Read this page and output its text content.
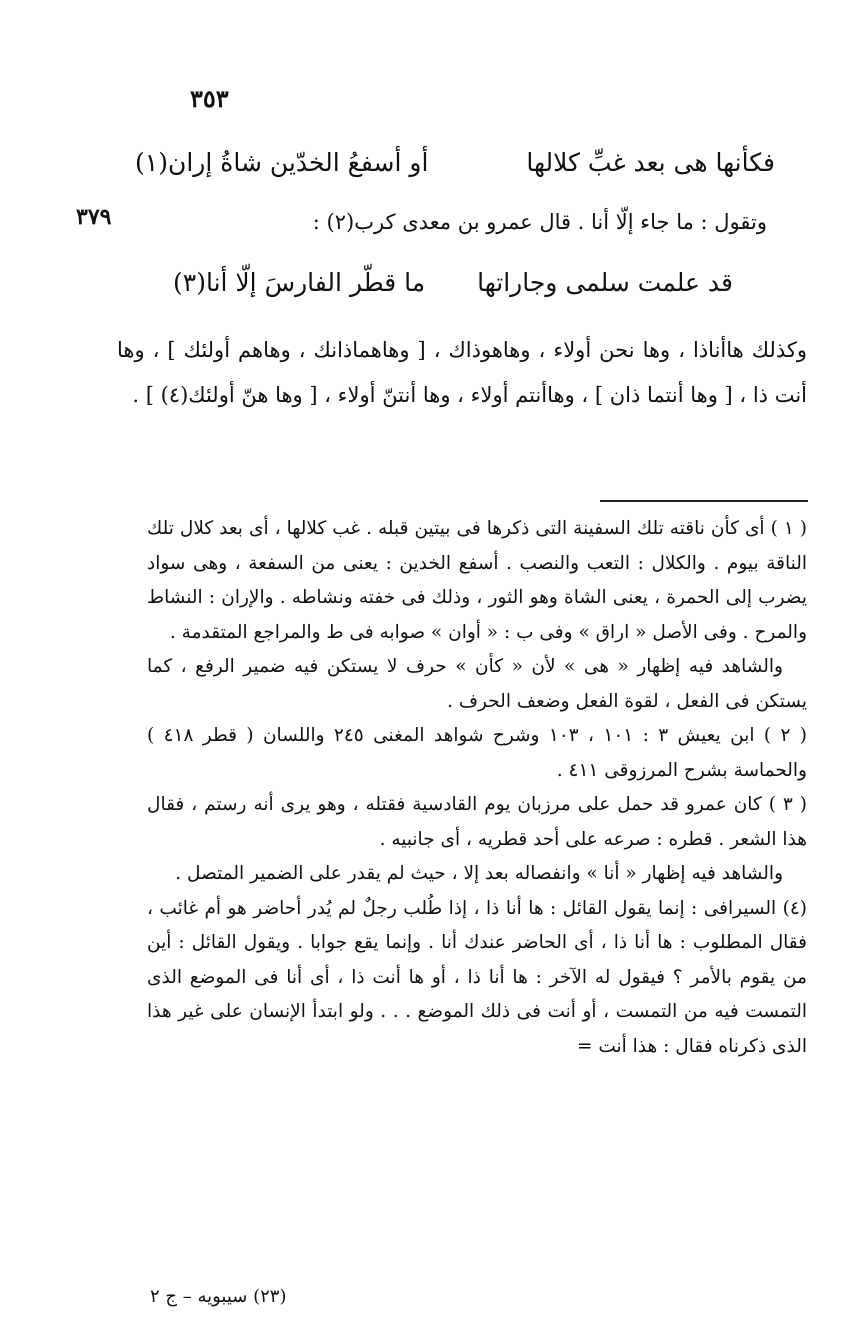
٣٥٣
٣٧٩
فكأنها هى بعد غبِّ كلالها
أو أسفعُ الخدّين شاةُ إران(١)
وتقول : ما جاء إلّا أنا . قال عمرو بن معدى كرب(٢) :
قد علمت سلمى وجاراتها
ما قطّر الفارسَ إلّا أنا(٣)
وكذلك هاأناذا ، وها نحن أولاء ، وهاهوذاك ، [ وهاهماذانك ، وهاهم أولئك ] ، وها أنت ذا ، [ وها أنتما ذان ] ، وهاأنتم أولاء ، وها أنتنّ أولاء ، [ وها هنّ أولئك(٤) ] .

( ١ ) أى كأن ناقته تلك السفينة التى ذكرها فى بيتين قبله . غب كلالها ، أى بعد كلال تلك الناقة بيوم . والكلال : التعب والنصب . أسفع الخدين : يعنى من السفعة ، وهى سواد يضرب إلى الحمرة ، يعنى الشاة وهو الثور ، وذلك فى خفته ونشاطه . والإران : النشاط والمرح . وفى الأصل « اراق » وفى ب : « أوان » صوابه فى ط والمراجع المتقدمة .

والشاهد فيه إظهار « هى » لأن « كأن » حرف لا يستكن فيه ضمير الرفع ، كما يستكن فى الفعل ، لقوة الفعل وضعف الحرف .

( ٢ ) ابن يعيش ٣ : ١٠١ ، ١٠٣ وشرح شواهد المغنى ٢٤٥ واللسان ( قطر ٤١٨ ) والحماسة بشرح المرزوقى ٤١١ .

( ٣ ) كان عمرو قد حمل على مرزبان يوم القادسية فقتله ، وهو يرى أنه رستم ، فقال هذا الشعر . قطره : صرعه على أحد قطريه ، أى جانبيه .

والشاهد فيه إظهار « أنا » وانفصاله بعد إلا ، حيث لم يقدر على الضمير المتصل .

(٤) السيرافى : إنما يقول القائل : ها أنا ذا ، إذا طُلب رجلٌ لم يُدر أحاضر هو أم غائب ، فقال المطلوب : ها أنا ذا ، أى الحاضر عندك أنا . وإنما يقع جوابا . ويقول القائل : أين من يقوم بالأمر ؟ فيقول له الآخر : ها أنا ذا ، أو ها أنت ذا ، أى أنا فى الموضع الذى التمست فيه من التمست ، أو أنت فى ذلك الموضع . . . ولو ابتدأ الإنسان على غير هذا الذى ذكرناه فقال : هذا أنت =

(٢٣) سيبويه – ج ٢
